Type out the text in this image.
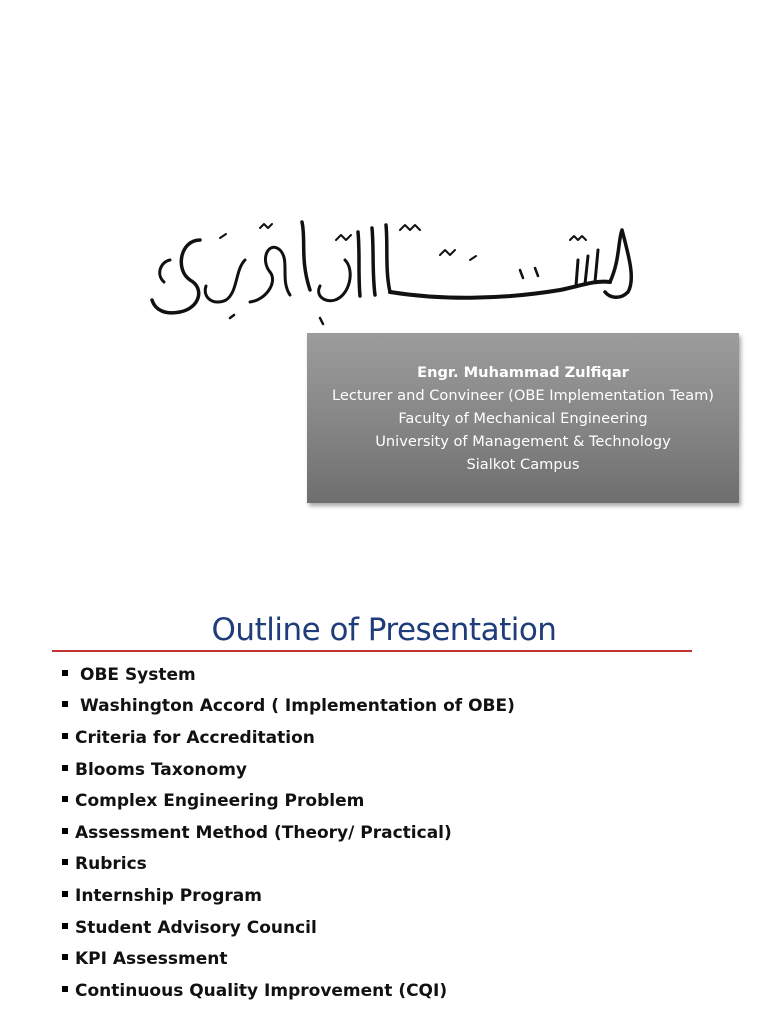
Engr. Muhammad Zulfiqar
Lecturer and Convineer (OBE Implementation Team)
Faculty of Mechanical Engineering
University of Management & Technology
Sialkot Campus
Outline of Presentation
OBE System
Washington Accord ( Implementation of OBE)
Criteria for Accreditation
Blooms Taxonomy
Complex Engineering Problem
Assessment Method (Theory/ Practical)
Rubrics
Internship Program
Student Advisory Council
KPI Assessment
Continuous Quality Improvement (CQI)
